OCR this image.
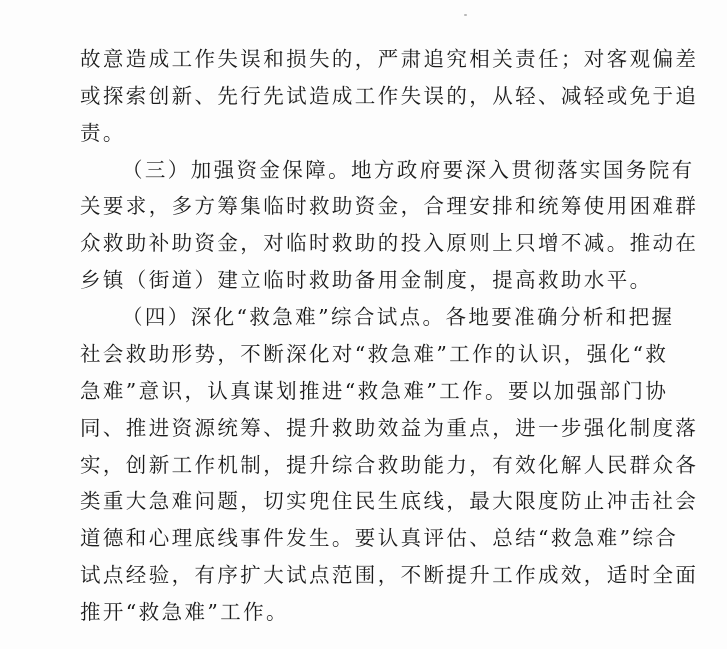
故意造成工作失误和损失的，严肃追究相关责任；对客观偏差
或探索创新、先行先试造成工作失误的，从轻、减轻或免于追
责。
（三）加强资金保障。地方政府要深入贯彻落实国务院有
关要求，多方筹集临时救助资金，合理安排和统筹使用困难群
众救助补助资金，对临时救助的投入原则上只增不减。推动在
乡镇（街道）建立临时救助备用金制度，提高救助水平。
（四）深化“救急难”综合试点。各地要准确分析和把握
社会救助形势，不断深化对“救急难”工作的认识，强化“救
急难”意识，认真谋划推进“救急难”工作。要以加强部门协
同、推进资源统筹、提升救助效益为重点，进一步强化制度落
实，创新工作机制，提升综合救助能力，有效化解人民群众各
类重大急难问题，切实兜住民生底线，最大限度防止冲击社会
道德和心理底线事件发生。要认真评估、总结“救急难”综合
试点经验，有序扩大试点范围，不断提升工作成效，适时全面
推开“救急难”工作。
